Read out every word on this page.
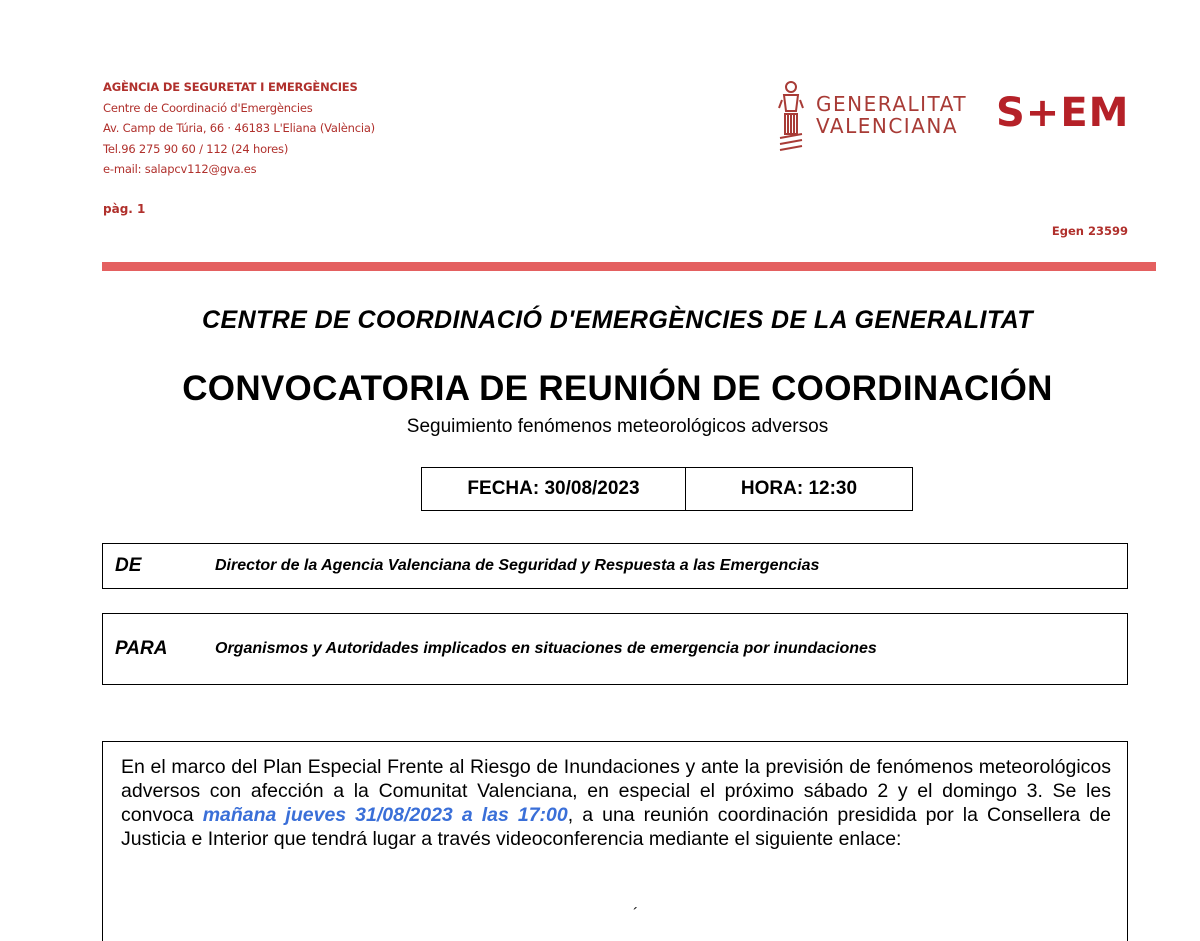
AGÈNCIA DE SEGURETAT I EMERGÈNCIES
Centre de Coordinació d'Emergències
Av. Camp de Túria, 66 · 46183 L'Eliana (València)
Tel.96 275 90 60 / 112 (24 hores)
e-mail: salapcv112@gva.es
pàg. 1
GENERALITAT
VALENCIANA S+EM
Egen 23599
CENTRE DE COORDINACIÓ D'EMERGÈNCIES DE LA GENERALITAT
CONVOCATORIA DE REUNIÓN DE COORDINACIÓN
Seguimiento fenómenos meteorológicos adversos
FECHA: 30/08/2023	HORA: 12:30
DE	Director de la Agencia Valenciana de Seguridad y Respuesta a las Emergencias
PARA	Organismos y Autoridades implicados en situaciones de emergencia por inundaciones
En el marco del Plan Especial Frente al Riesgo de Inundaciones y ante la previsión de fenómenos meteorológicos adversos con afección a la Comunitat Valenciana, en especial el próximo sábado 2 y el domingo 3. Se les convoca mañana jueves 31/08/2023 a las 17:00, a una reunión coordinación presidida por la Consellera de Justicia e Interior que tendrá lugar a través videoconferencia mediante el siguiente enlace:
´
